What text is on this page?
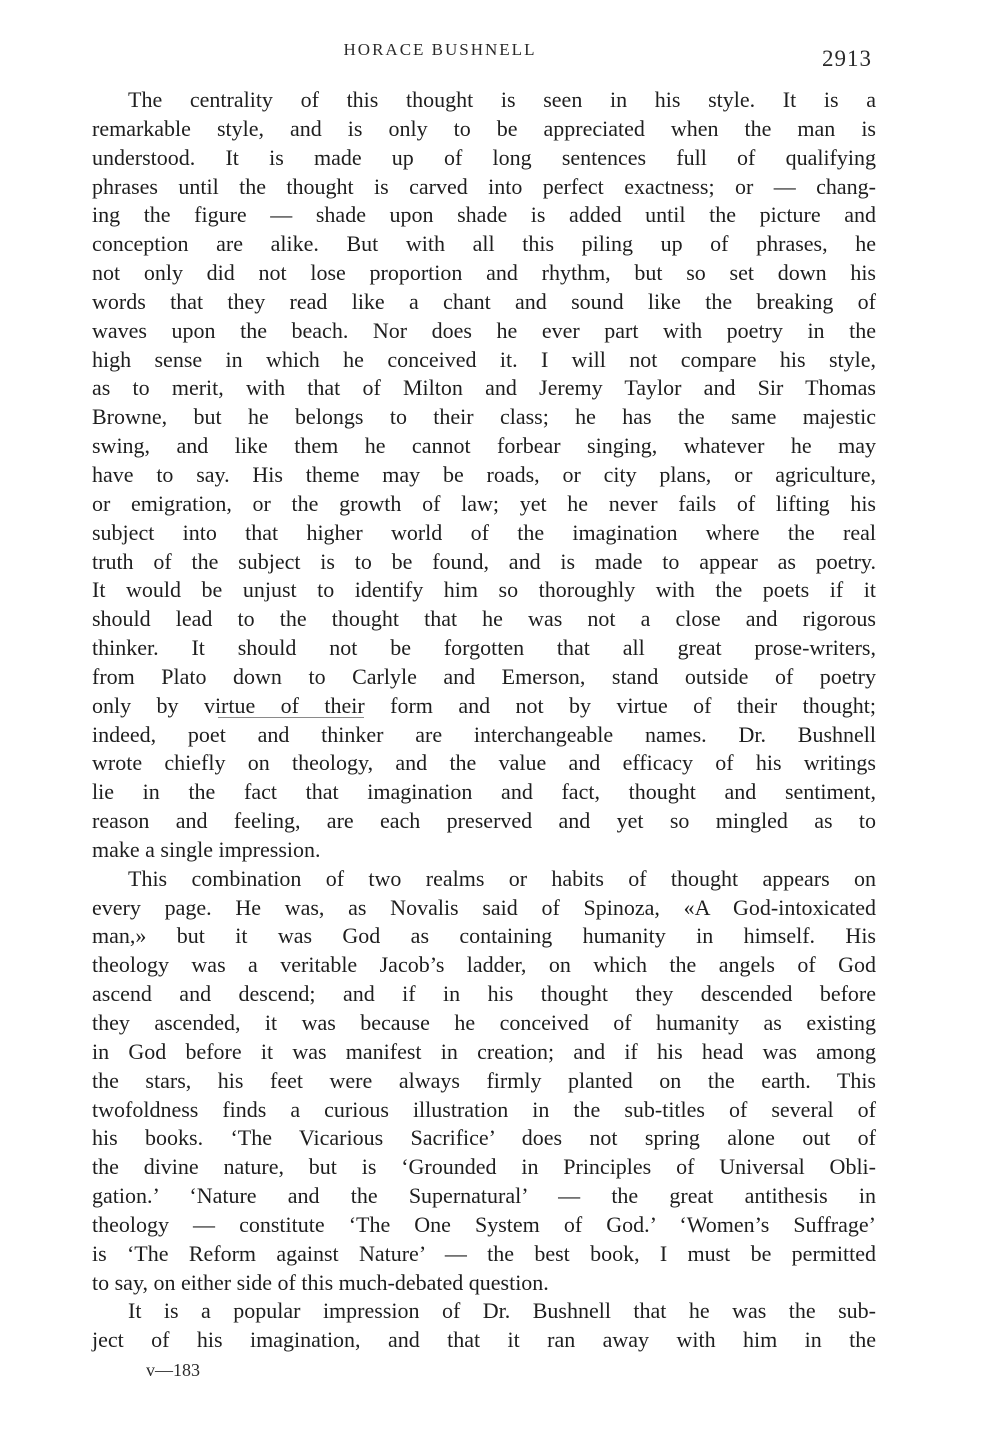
HORACE BUSHNELL	2913
The centrality of this thought is seen in his style. It is a
remarkable style, and is only to be appreciated when the man is
understood. It is made up of long sentences full of qualifying
phrases until the thought is carved into perfect exactness; or — chang-
ing the figure — shade upon shade is added until the picture and
conception are alike. But with all this piling up of phrases, he
not only did not lose proportion and rhythm, but so set down his
words that they read like a chant and sound like the breaking of
waves upon the beach. Nor does he ever part with poetry in the
high sense in which he conceived it. I will not compare his style,
as to merit, with that of Milton and Jeremy Taylor and Sir Thomas
Browne, but he belongs to their class; he has the same majestic
swing, and like them he cannot forbear singing, whatever he may
have to say. His theme may be roads, or city plans, or agriculture,
or emigration, or the growth of law; yet he never fails of lifting his
subject into that higher world of the imagination where the real
truth of the subject is to be found, and is made to appear as poetry.
It would be unjust to identify him so thoroughly with the poets if it
should lead to the thought that he was not a close and rigorous
thinker. It should not be forgotten that all great prose-writers,
from Plato down to Carlyle and Emerson, stand outside of poetry
only by virtue of their form and not by virtue of their thought;
indeed, poet and thinker are interchangeable names. Dr. Bushnell
wrote chiefly on theology, and the value and efficacy of his writings
lie in the fact that imagination and fact, thought and sentiment,
reason and feeling, are each preserved and yet so mingled as to
make a single impression.
This combination of two realms or habits of thought appears on
every page. He was, as Novalis said of Spinoza, «A God-intoxicated
man,» but it was God as containing humanity in himself. His
theology was a veritable Jacob’s ladder, on which the angels of God
ascend and descend; and if in his thought they descended before
they ascended, it was because he conceived of humanity as existing
in God before it was manifest in creation; and if his head was among
the stars, his feet were always firmly planted on the earth. This
twofoldness finds a curious illustration in the sub-titles of several of
his books. ‘The Vicarious Sacrifice’ does not spring alone out of
the divine nature, but is ‘Grounded in Principles of Universal Obli-
gation.’ ‘Nature and the Supernatural’ — the great antithesis in
theology — constitute ‘The One System of God.’ ‘Women’s Suffrage’
is ‘The Reform against Nature’ — the best book, I must be permitted
to say, on either side of this much-debated question.
It is a popular impression of Dr. Bushnell that he was the sub-
ject of his imagination, and that it ran away with him in the
v—183
